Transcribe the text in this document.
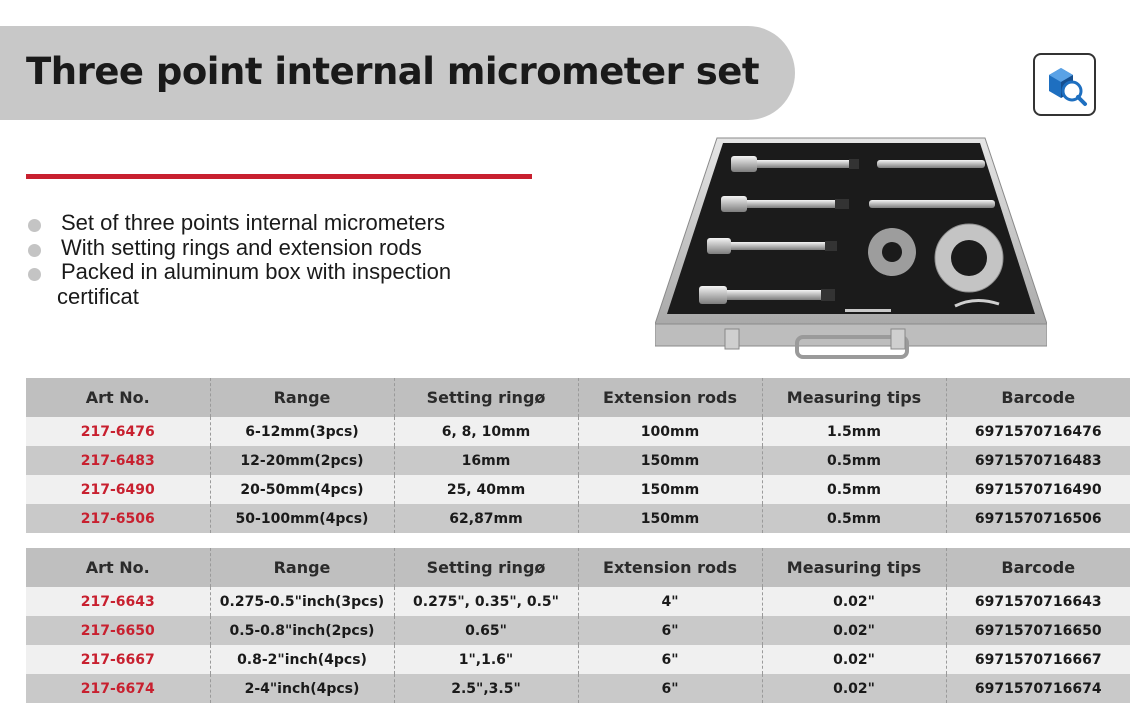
Three point internal micrometer set
Set of three points internal micrometers
With setting rings and extension rods
Packed in aluminum box with inspection
certificat
Art No.	Range	Setting ringø	Extension rods	Measuring tips	Barcode
217-6476	6-12mm(3pcs)	6, 8, 10mm	100mm	1.5mm	6971570716476
217-6483	12-20mm(2pcs)	16mm	150mm	0.5mm	6971570716483
217-6490	20-50mm(4pcs)	25, 40mm	150mm	0.5mm	6971570716490
217-6506	50-100mm(4pcs)	62,87mm	150mm	0.5mm	6971570716506
Art No.	Range	Setting ringø	Extension rods	Measuring tips	Barcode
217-6643	0.275-0.5"inch(3pcs)	0.275", 0.35", 0.5"	4"	0.02"	6971570716643
217-6650	0.5-0.8"inch(2pcs)	0.65"	6"	0.02"	6971570716650
217-6667	0.8-2"inch(4pcs)	1",1.6"	6"	0.02"	6971570716667
217-6674	2-4"inch(4pcs)	2.5",3.5"	6"	0.02"	6971570716674
